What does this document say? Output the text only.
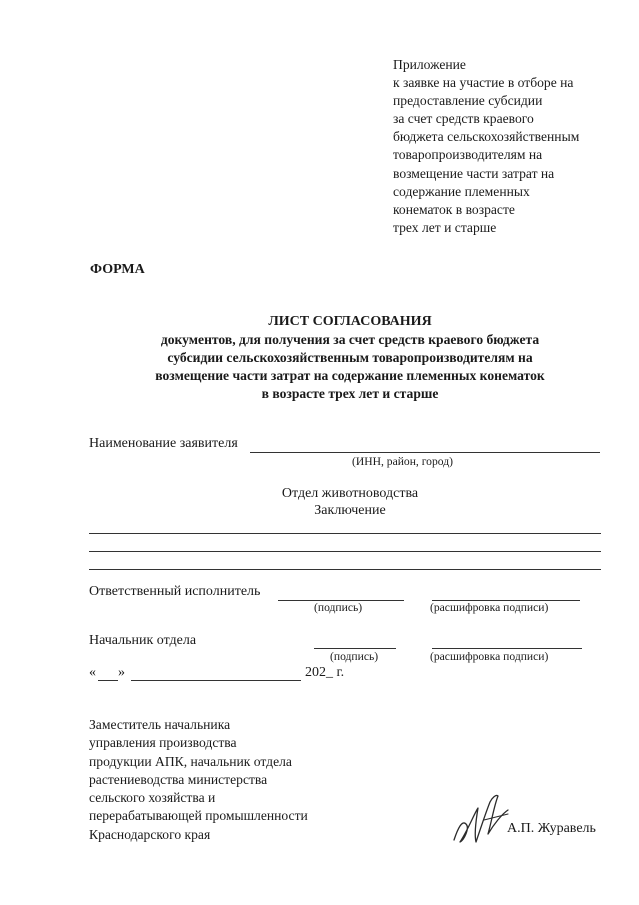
Приложение
к заявке на участие в отборе на
предоставление субсидии
за счет средств краевого
бюджета сельскохозяйственным
товаропроизводителям на
возмещение части затрат на
содержание племенных
конематок в возрасте
трех лет и старше
ФОРМА
ЛИСТ СОГЛАСОВАНИЯ
документов, для получения за счет средств краевого бюджета
субсидии сельскохозяйственным товаропроизводителям на
возмещение части затрат на содержание племенных конематок
в возрасте трех лет и старше
Наименование заявителя
(ИНН, район, город)
Отдел животноводства
Заключение
Ответственный исполнитель
(подпись)	(расшифровка подписи)
Начальник отдела
(подпись)	(расшифровка подписи)
« »	202_ г.
Заместитель начальника
управления производства
продукции АПК, начальник отдела
растениеводства министерства
сельского хозяйства и
перерабатывающей промышленности
Краснодарского края	А.П. Журавель
